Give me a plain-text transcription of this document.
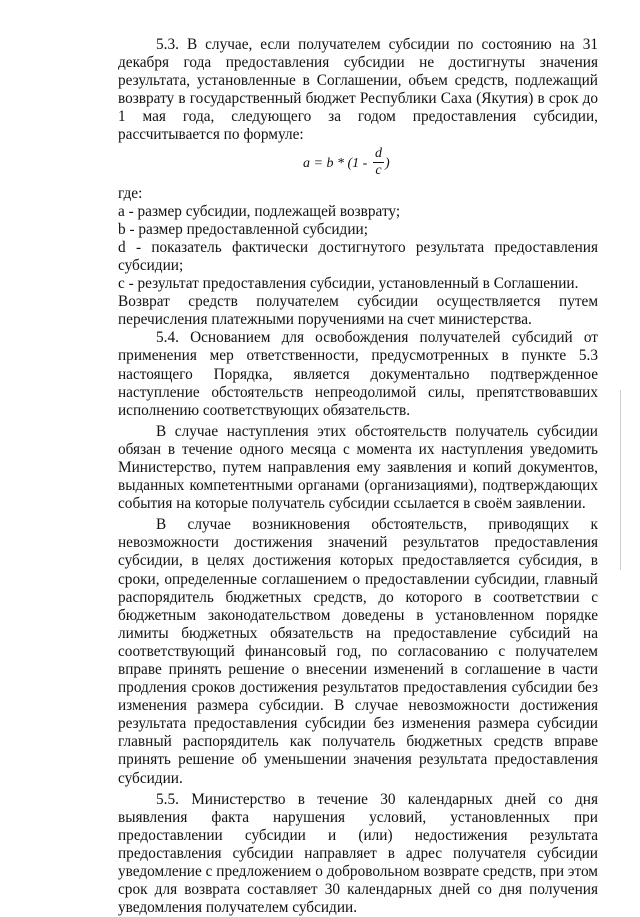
5.3. В случае, если получателем субсидии по состоянию на 31 декабря года предоставления субсидии не достигнуты значения результата, установленные в Соглашении, объем средств, подлежащий возврату в государственный бюджет Республики Саха (Якутия) в срок до 1 мая года, следующего за годом предоставления субсидии, рассчитывается по формуле:

a = b * (1 -
d
c )

где:

a - размер субсидии, подлежащей возврату;

b - размер предоставленной субсидии;

d - показатель фактически достигнутого результата предоставления субсидии;

c - результат предоставления субсидии, установленный в Соглашении.

Возврат средств получателем субсидии осуществляется путем перечисления платежными поручениями на счет министерства.

5.4. Основанием для освобождения получателей субсидий от применения мер ответственности, предусмотренных в пункте 5.3 настоящего Порядка, является документально подтвержденное наступление обстоятельств непреодолимой силы, препятствовавших исполнению соответствующих обязательств.

В случае наступления этих обстоятельств получатель субсидии обязан в течение одного месяца с момента их наступления уведомить Министерство, путем направления ему заявления и копий документов, выданных компетентными органами (организациями), подтверждающих события на которые получатель субсидии ссылается в своём заявлении.

В случае возникновения обстоятельств, приводящих к невозможности достижения значений результатов предоставления субсидии, в целях достижения которых предоставляется субсидия, в сроки, определенные соглашением о предоставлении субсидии, главный распорядитель бюджетных средств, до которого в соответствии с бюджетным законодательством доведены в установленном порядке лимиты бюджетных обязательств на предоставление субсидий на соответствующий финансовый год, по согласованию с получателем вправе принять решение о внесении изменений в соглашение в части продления сроков достижения результатов предоставления субсидии без изменения размера субсидии. В случае невозможности достижения результата предоставления субсидии без изменения размера субсидии главный распорядитель как получатель бюджетных средств вправе принять решение об уменьшении значения результата предоставления субсидии.

5.5. Министерство в течение 30 календарных дней со дня выявления факта нарушения условий, установленных при предоставлении субсидии и (или) недостижения результата предоставления субсидии направляет в адрес получателя субсидии уведомление с предложением о добровольном возврате средств, при этом срок для возврата составляет 30 календарных дней со дня получения уведомления получателем субсидии.
